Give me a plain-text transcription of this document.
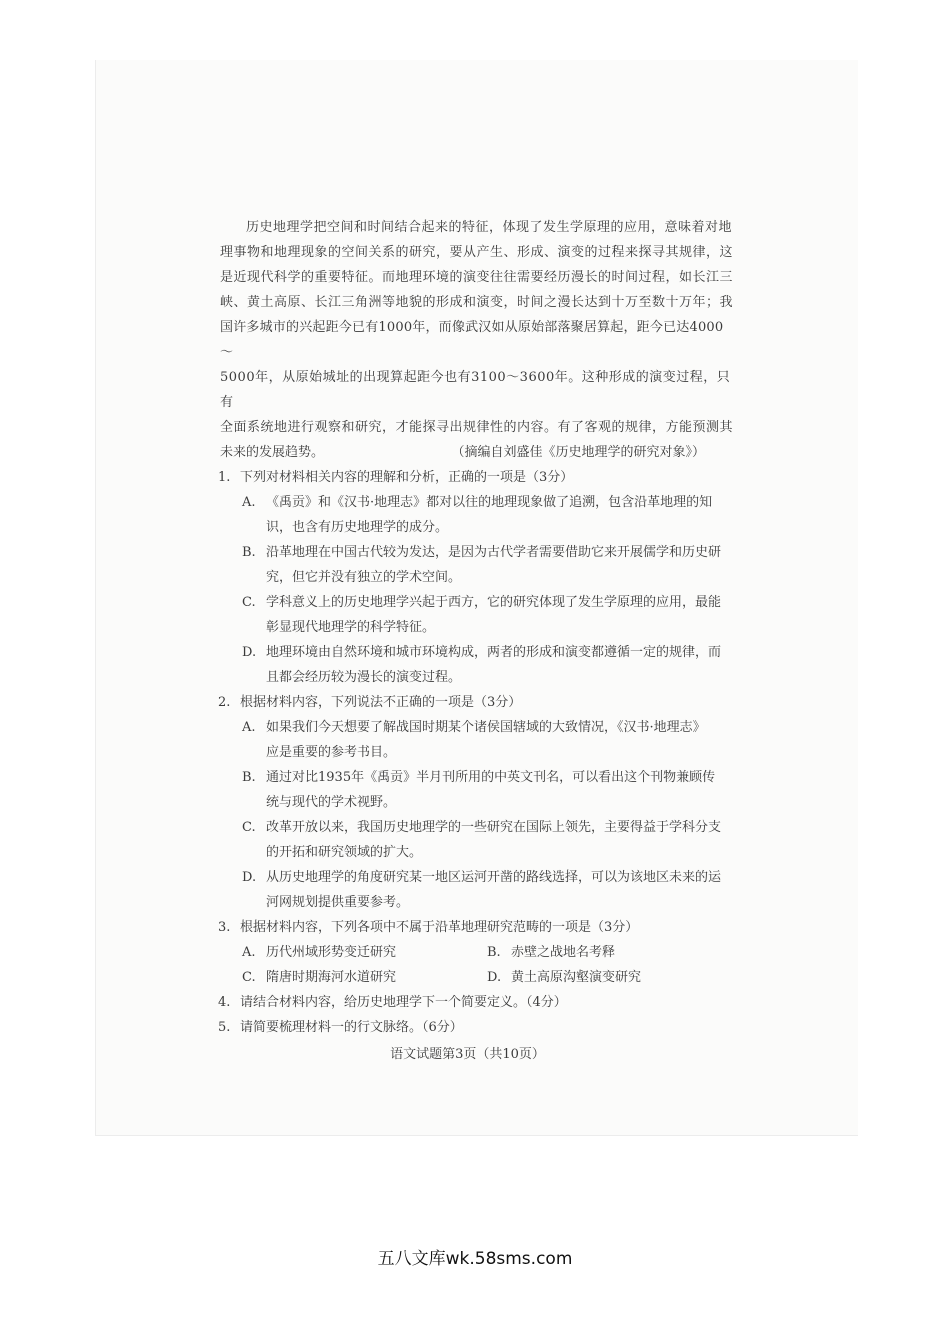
历史地理学把空间和时间结合起来的特征，体现了发生学原理的应用，意味着对地

理事物和地理现象的空间关系的研究，要从产生、形成、演变的过程来探寻其规律，这
是近现代科学的重要特征。而地理环境的演变往往需要经历漫长的时间过程，如长江三
峡、黄土高原、长江三角洲等地貌的形成和演变，时间之漫长达到十万至数十万年；我
国许多城市的兴起距今已有1000年，而像武汉如从原始部落聚居算起，距今已达4000～
5000年，从原始城址的出现算起距今也有3100～3600年。这种形成的演变过程，只有
全面系统地进行观察和研究，才能探寻出规律性的内容。有了客观的规律，方能预测其
未来的发展趋势。	（摘编自刘盛佳《历史地理学的研究对象》）

1. 下列对材料相关内容的理解和分析，正确的一项是（3分）

A. 《禹贡》和《汉书·地理志》都对以往的地理现象做了追溯，包含沿革地理的知
识，也含有历史地理学的成分。
B. 沿革地理在中国古代较为发达，是因为古代学者需要借助它来开展儒学和历史研
究，但它并没有独立的学术空间。
C. 学科意义上的历史地理学兴起于西方，它的研究体现了发生学原理的应用，最能
彰显现代地理学的科学特征。
D. 地理环境由自然环境和城市环境构成，两者的形成和演变都遵循一定的规律，而
且都会经历较为漫长的演变过程。

2. 根据材料内容，下列说法不正确的一项是（3分）

A. 如果我们今天想要了解战国时期某个诸侯国辖域的大致情况，《汉书·地理志》
应是重要的参考书目。
B. 通过对比1935年《禹贡》半月刊所用的中英文刊名，可以看出这个刊物兼顾传
统与现代的学术视野。
C. 改革开放以来，我国历史地理学的一些研究在国际上领先，主要得益于学科分支
的开拓和研究领域的扩大。
D. 从历史地理学的角度研究某一地区运河开凿的路线选择，可以为该地区未来的运
河网规划提供重要参考。

3. 根据材料内容，下列各项中不属于沿革地理研究范畴的一项是（3分）

A. 历代州域形势变迁研究	B. 赤壁之战地名考释
C. 隋唐时期海河水道研究	D. 黄土高原沟壑演变研究

4. 请结合材料内容，给历史地理学下一个简要定义。（4分）

5. 请简要梳理材料一的行文脉络。（6分）

语文试题第3页（共10页）
五八文库wk.58sms.com
